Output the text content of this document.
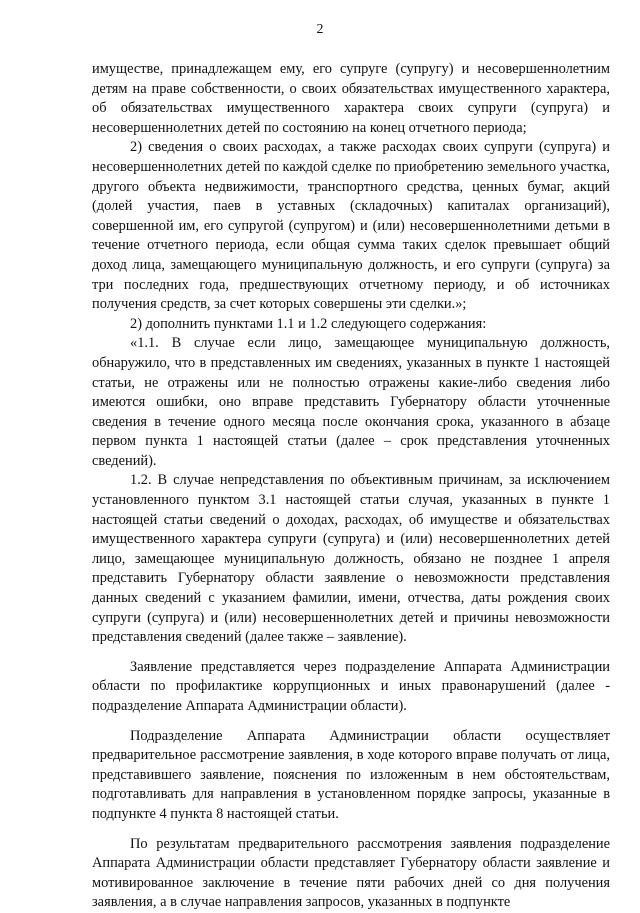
2

имуществе, принадлежащем ему, его супруге (супругу) и несовершеннолетним детям на праве собственности, о своих обязательствах имущественного характера, об обязательствах имущественного характера своих супруги (супруга) и несовершеннолетних детей по состоянию на конец отчетного периода;

2) сведения о своих расходах, а также расходах своих супруги (супруга) и несовершеннолетних детей по каждой сделке по приобретению земельного участка, другого объекта недвижимости, транспортного средства, ценных бумаг, акций (долей участия, паев в уставных (складочных) капиталах организаций), совершенной им, его супругой (супругом) и (или) несовершеннолетними детьми в течение отчетного периода, если общая сумма таких сделок превышает общий доход лица, замещающего муниципальную должность, и его супруги (супруга) за три последних года, предшествующих отчетному периоду, и об источниках получения средств, за счет которых совершены эти сделки.»;

2) дополнить пунктами 1.1 и 1.2 следующего содержания:

«1.1. В случае если лицо, замещающее муниципальную должность, обнаружило, что в представленных им сведениях, указанных в пункте 1 настоящей статьи, не отражены или не полностью отражены какие-либо сведения либо имеются ошибки, оно вправе представить Губернатору области уточненные сведения в течение одного месяца после окончания срока, указанного в абзаце первом пункта 1 настоящей статьи (далее – срок представления уточненных сведений).

1.2. В случае непредставления по объективным причинам, за исключением установленного пунктом 3.1 настоящей статьи случая, указанных в пункте 1 настоящей статьи сведений о доходах, расходах, об имуществе и обязательствах имущественного характера супруги (супруга) и (или) несовершеннолетних детей лицо, замещающее муниципальную должность, обязано не позднее 1 апреля представить Губернатору области заявление о невозможности представления данных сведений с указанием фамилии, имени, отчества, даты рождения своих супруги (супруга) и (или) несовершеннолетних детей и причины невозможности представления сведений (далее также – заявление).

Заявление представляется через подразделение Аппарата Администрации области по профилактике коррупционных и иных правонарушений (далее - подразделение Аппарата Администрации области).

Подразделение Аппарата Администрации области осуществляет предварительное рассмотрение заявления, в ходе которого вправе получать от лица, представившего заявление, пояснения по изложенным в нем обстоятельствам, подготавливать для направления в установленном порядке запросы, указанные в подпункте 4 пункта 8 настоящей статьи.

По результатам предварительного рассмотрения заявления подразделение Аппарата Администрации области представляет Губернатору области заявление и мотивированное заключение в течение пяти рабочих дней со дня получения заявления, а в случае направления запросов, указанных в подпункте
